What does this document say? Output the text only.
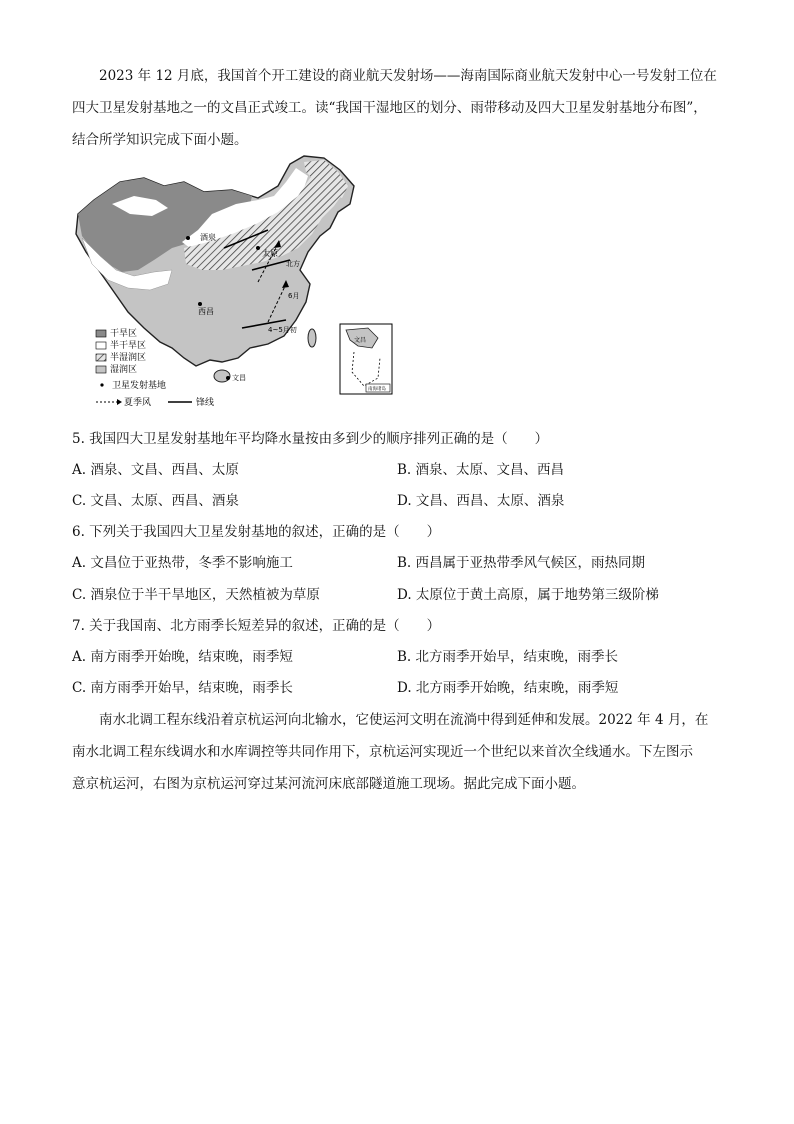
2023 年 12 月底，我国首个开工建设的商业航天发射场——海南国际商业航天发射中心一号发射工位在
四大卫星发射基地之一的文昌正式竣工。读“我国干湿地区的划分、雨带移动及四大卫星发射基地分布图”，
结合所学知识完成下面小题。
酒泉
太原
西昌
文昌
北方
6月
4~5月初
文昌
南海诸岛
干旱区
半干旱区
半湿润区
湿润区
卫星发射基地
夏季风	锋线
5. 我国四大卫星发射基地年平均降水量按由多到少的顺序排列正确的是（　　）
A. 酒泉、文昌、西昌、太原	B. 酒泉、太原、文昌、西昌
C. 文昌、太原、西昌、酒泉	D. 文昌、西昌、太原、酒泉
6. 下列关于我国四大卫星发射基地的叙述，正确的是（　　）
A. 文昌位于亚热带，冬季不影响施工	B. 西昌属于亚热带季风气候区，雨热同期
C. 酒泉位于半干旱地区，天然植被为草原	D. 太原位于黄土高原，属于地势第三级阶梯
7. 关于我国南、北方雨季长短差异的叙述，正确的是（　　）
A. 南方雨季开始晚，结束晚，雨季短	B. 北方雨季开始早，结束晚，雨季长
C. 南方雨季开始早，结束晚，雨季长	D. 北方雨季开始晚，结束晚，雨季短
南水北调工程东线沿着京杭运河向北输水，它使运河文明在流淌中得到延伸和发展。2022 年 4 月，在
南水北调工程东线调水和水库调控等共同作用下，京杭运河实现近一个世纪以来首次全线通水。下左图示
意京杭运河，右图为京杭运河穿过某河流河床底部隧道施工现场。据此完成下面小题。
